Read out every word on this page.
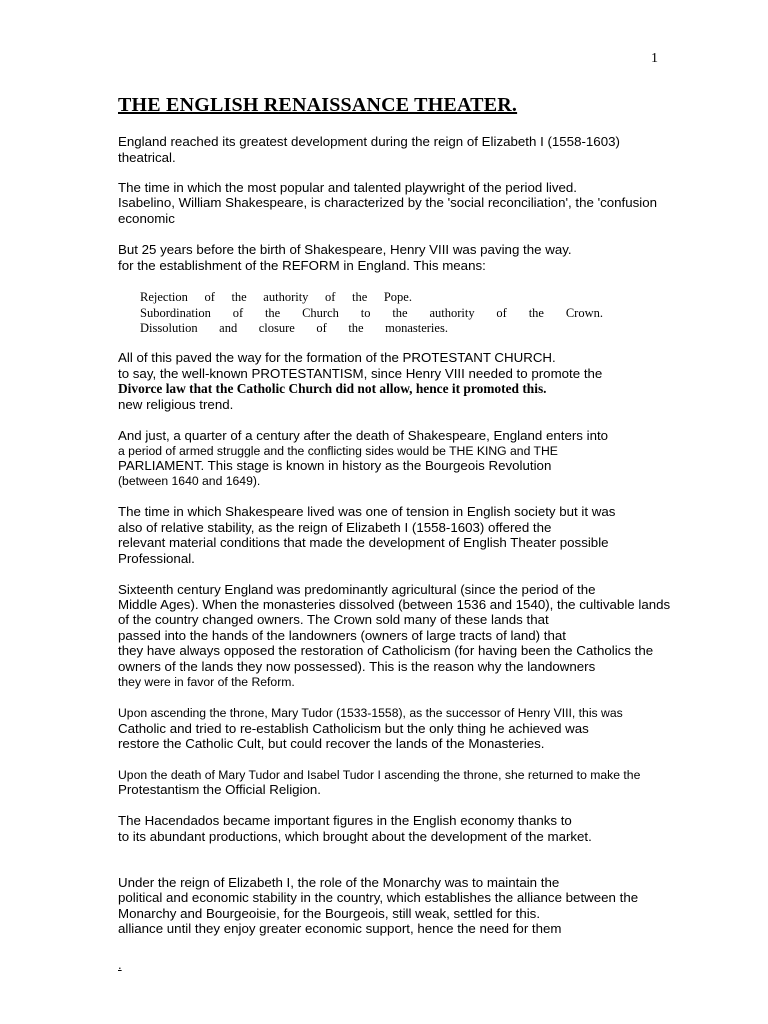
1
THE ENGLISH RENAISSANCE THEATER.
England reached its greatest development during the reign of Elizabeth I (1558-1603)
theatrical.
The time in which the most popular and talented playwright of the period lived.
Isabelino, William Shakespeare, is characterized by the 'social reconciliation', the 'confusion
economic
But 25 years before the birth of Shakespeare, Henry VIII was paving the way.
for the establishment of the REFORM in England. This means:
Rejection of the authority of the Pope.
Subordination of the Church to the authority of the Crown.
Dissolution and closure of the monasteries.
All of this paved the way for the formation of the PROTESTANT CHURCH.
to say, the well-known PROTESTANTISM, since Henry VIII needed to promote the
Divorce law that the Catholic Church did not allow, hence it promoted this.
new religious trend.
And just, a quarter of a century after the death of Shakespeare, England enters into
a period of armed struggle and the conflicting sides would be THE KING and THE
PARLIAMENT. This stage is known in history as the Bourgeois Revolution
(between 1640 and 1649).
The time in which Shakespeare lived was one of tension in English society but it was
also of relative stability, as the reign of Elizabeth I (1558-1603) offered the
relevant material conditions that made the development of English Theater possible
Professional.
Sixteenth century England was predominantly agricultural (since the period of the
Middle Ages). When the monasteries dissolved (between 1536 and 1540), the cultivable lands
of the country changed owners. The Crown sold many of these lands that
passed into the hands of the landowners (owners of large tracts of land) that
they have always opposed the restoration of Catholicism (for having been the Catholics the
owners of the lands they now possessed). This is the reason why the landowners
they were in favor of the Reform.
Upon ascending the throne, Mary Tudor (1533-1558), as the successor of Henry VIII, this was
Catholic and tried to re-establish Catholicism but the only thing he achieved was
restore the Catholic Cult, but could recover the lands of the Monasteries.
Upon the death of Mary Tudor and Isabel Tudor I ascending the throne, she returned to make the
Protestantism the Official Religion.
The Hacendados became important figures in the English economy thanks to
to its abundant productions, which brought about the development of the market.
Under the reign of Elizabeth I, the role of the Monarchy was to maintain the
political and economic stability in the country, which establishes the alliance between the
Monarchy and Bourgeoisie, for the Bourgeois, still weak, settled for this.
alliance until they enjoy greater economic support, hence the need for them
.
